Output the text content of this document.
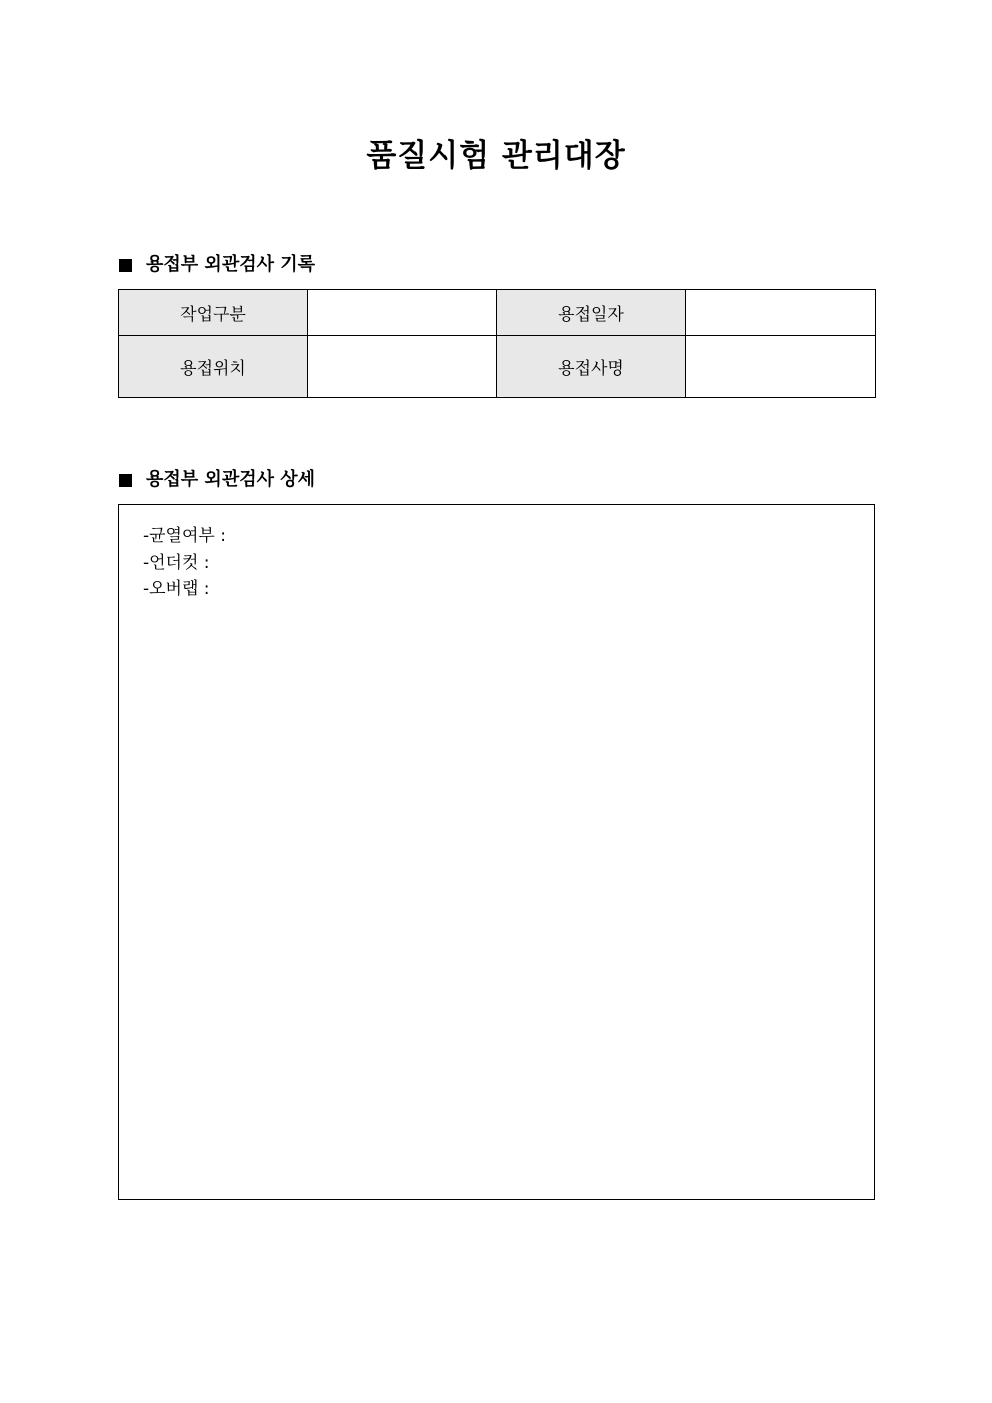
품질시험 관리대장
용접부 외관검사 기록
작업구분		용접일자	
용접위치		용접사명	
용접부 외관검사 상세
-균열여부 :
-언더컷 :
-오버랩 :
